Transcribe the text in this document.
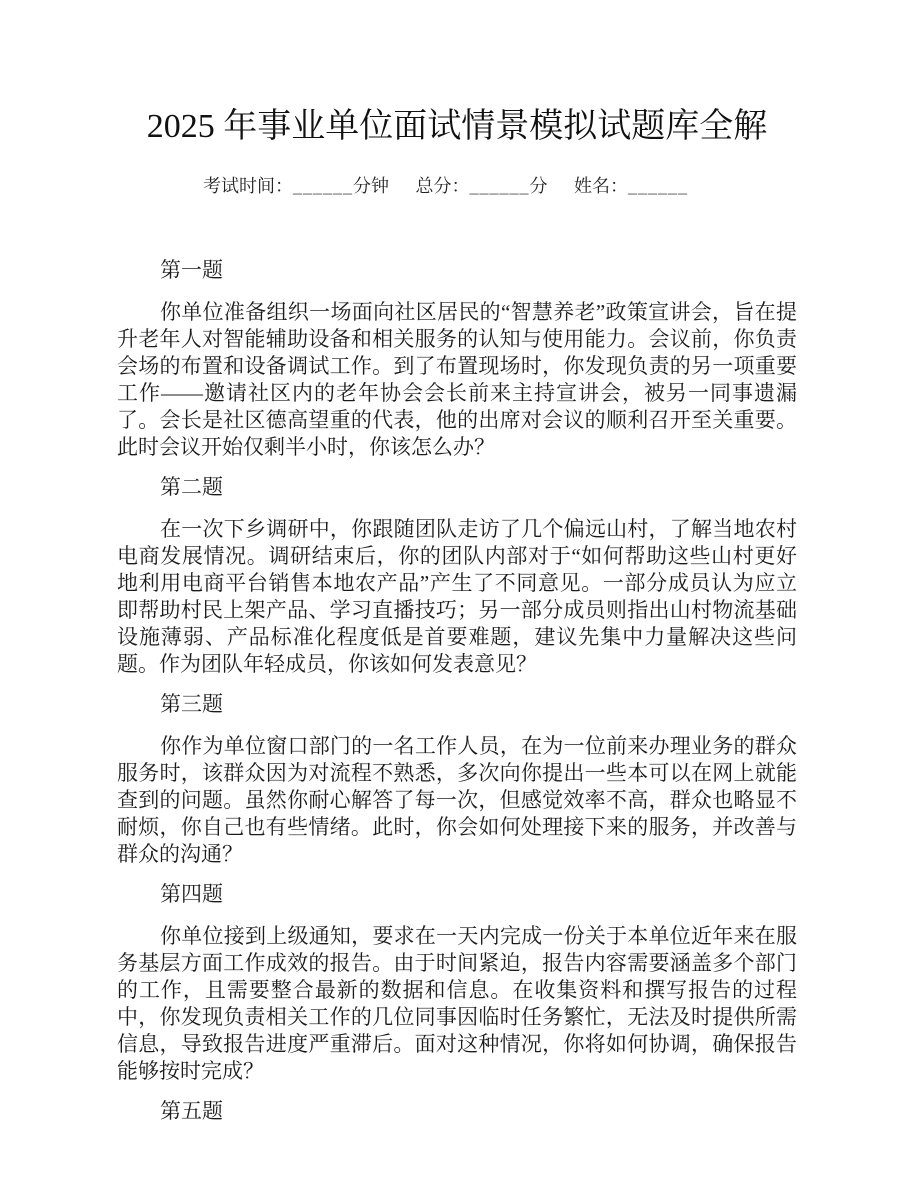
2025 年事业单位面试情景模拟试题库全解
考试时间：______分钟 总分：______分 姓名：______
第一题

你单位准备组织一场面向社区居民的“智慧养老”政策宣讲会，旨在提升老年人对智能辅助设备和相关服务的认知与使用能力。会议前，你负责会场的布置和设备调试工作。到了布置现场时，你发现负责的另一项重要工作——邀请社区内的老年协会会长前来主持宣讲会，被另一同事遗漏了。会长是社区德高望重的代表，他的出席对会议的顺利召开至关重要。此时会议开始仅剩半小时，你该怎么办？

第二题

在一次下乡调研中，你跟随团队走访了几个偏远山村，了解当地农村电商发展情况。调研结束后，你的团队内部对于“如何帮助这些山村更好地利用电商平台销售本地农产品”产生了不同意见。一部分成员认为应立即帮助村民上架产品、学习直播技巧；另一部分成员则指出山村物流基础设施薄弱、产品标准化程度低是首要难题，建议先集中力量解决这些问题。作为团队年轻成员，你该如何发表意见？

第三题

你作为单位窗口部门的一名工作人员，在为一位前来办理业务的群众服务时，该群众因为对流程不熟悉，多次向你提出一些本可以在网上就能查到的问题。虽然你耐心解答了每一次，但感觉效率不高，群众也略显不耐烦，你自己也有些情绪。此时，你会如何处理接下来的服务，并改善与群众的沟通？

第四题

你单位接到上级通知，要求在一天内完成一份关于本单位近年来在服务基层方面工作成效的报告。由于时间紧迫，报告内容需要涵盖多个部门的工作，且需要整合最新的数据和信息。在收集资料和撰写报告的过程中，你发现负责相关工作的几位同事因临时任务繁忙，无法及时提供所需信息，导致报告进度严重滞后。面对这种情况，你将如何协调，确保报告能够按时完成？

第五题
